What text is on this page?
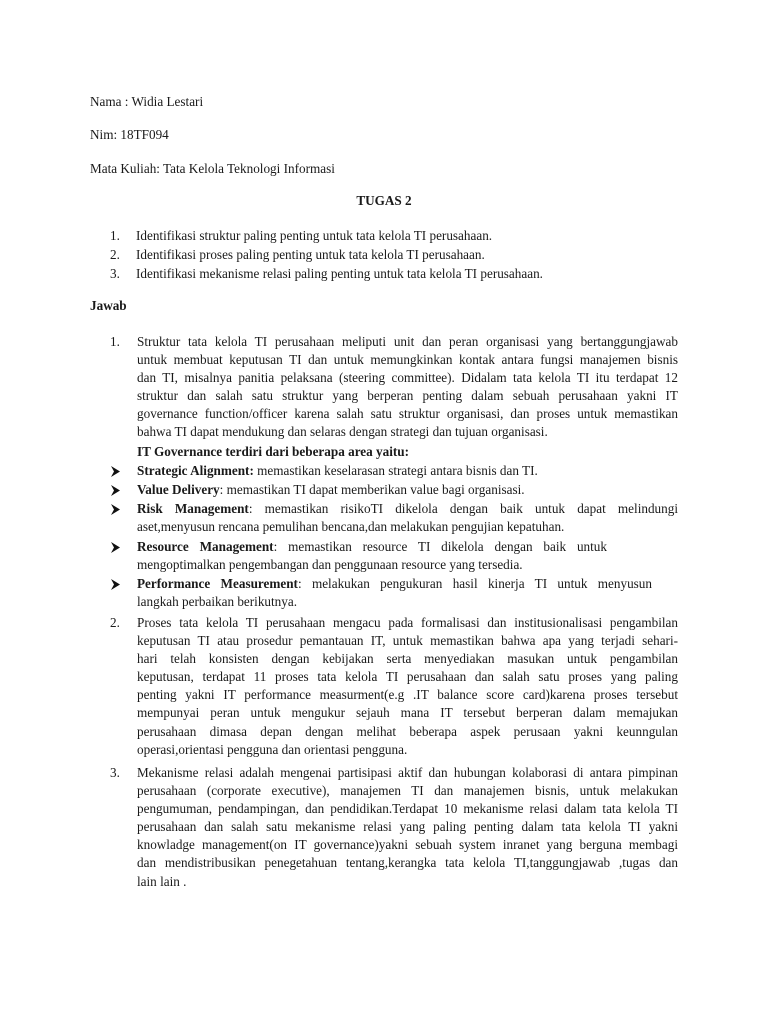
Nama : Widia Lestari
Nim: 18TF094
Mata Kuliah: Tata Kelola Teknologi Informasi
TUGAS 2
1. Identifikasi struktur paling penting untuk tata kelola TI perusahaan.
2. Identifikasi proses paling penting untuk tata kelola TI perusahaan.
3. Identifikasi mekanisme relasi paling penting untuk tata kelola TI perusahaan.
Jawab
1. Struktur tata kelola TI perusahaan meliputi unit dan peran organisasi yang bertanggungjawab
untuk membuat keputusan TI dan untuk memungkinkan kontak antara fungsi manajemen bisnis
dan TI, misalnya panitia pelaksana (steering committee). Didalam tata kelola TI itu terdapat 12
struktur dan salah satu struktur yang berperan penting dalam sebuah perusahaan yakni IT
governance function/officer karena salah satu struktur organisasi, dan proses untuk memastikan
bahwa TI dapat mendukung dan selaras dengan strategi dan tujuan organisasi.
IT Governance terdiri dari beberapa area yaitu:
Strategic Alignment: memastikan keselarasan strategi antara bisnis dan TI.
Value Delivery: memastikan TI dapat memberikan value bagi organisasi.
Risk Management: memastikan risikoTI dikelola dengan baik untuk dapat melindungi
aset,menyusun rencana pemulihan bencana,dan melakukan pengujian kepatuhan.
Resource Management: memastikan resource TI dikelola dengan baik untuk
mengoptimalkan pengembangan dan penggunaan resource yang tersedia.
Performance Measurement: melakukan pengukuran hasil kinerja TI untuk menyusun
langkah perbaikan berikutnya.
2. Proses tata kelola TI perusahaan mengacu pada formalisasi dan institusionalisasi pengambilan
keputusan TI atau prosedur pemantauan IT, untuk memastikan bahwa apa yang terjadi sehari-
hari telah konsisten dengan kebijakan serta menyediakan masukan untuk pengambilan
keputusan, terdapat 11 proses tata kelola TI perusahaan dan salah satu proses yang paling
penting yakni IT performance measurment(e.g .IT balance score card)karena proses tersebut
mempunyai peran untuk mengukur sejauh mana IT tersebut berperan dalam memajukan
perusahaan dimasa depan dengan melihat beberapa aspek perusaan yakni keunngulan
operasi,orientasi pengguna dan orientasi pengguna.
3. Mekanisme relasi adalah mengenai partisipasi aktif dan hubungan kolaborasi di antara pimpinan
perusahaan (corporate executive), manajemen TI dan manajemen bisnis, untuk melakukan
pengumuman, pendampingan, dan pendidikan.Terdapat 10 mekanisme relasi dalam tata kelola TI
perusahaan dan salah satu mekanisme relasi yang paling penting dalam tata kelola TI yakni
knowladge management(on IT governance)yakni sebuah system inranet yang berguna membagi
dan mendistribusikan penegetahuan tentang,kerangka tata kelola TI,tanggungjawab ,tugas dan
lain lain .
